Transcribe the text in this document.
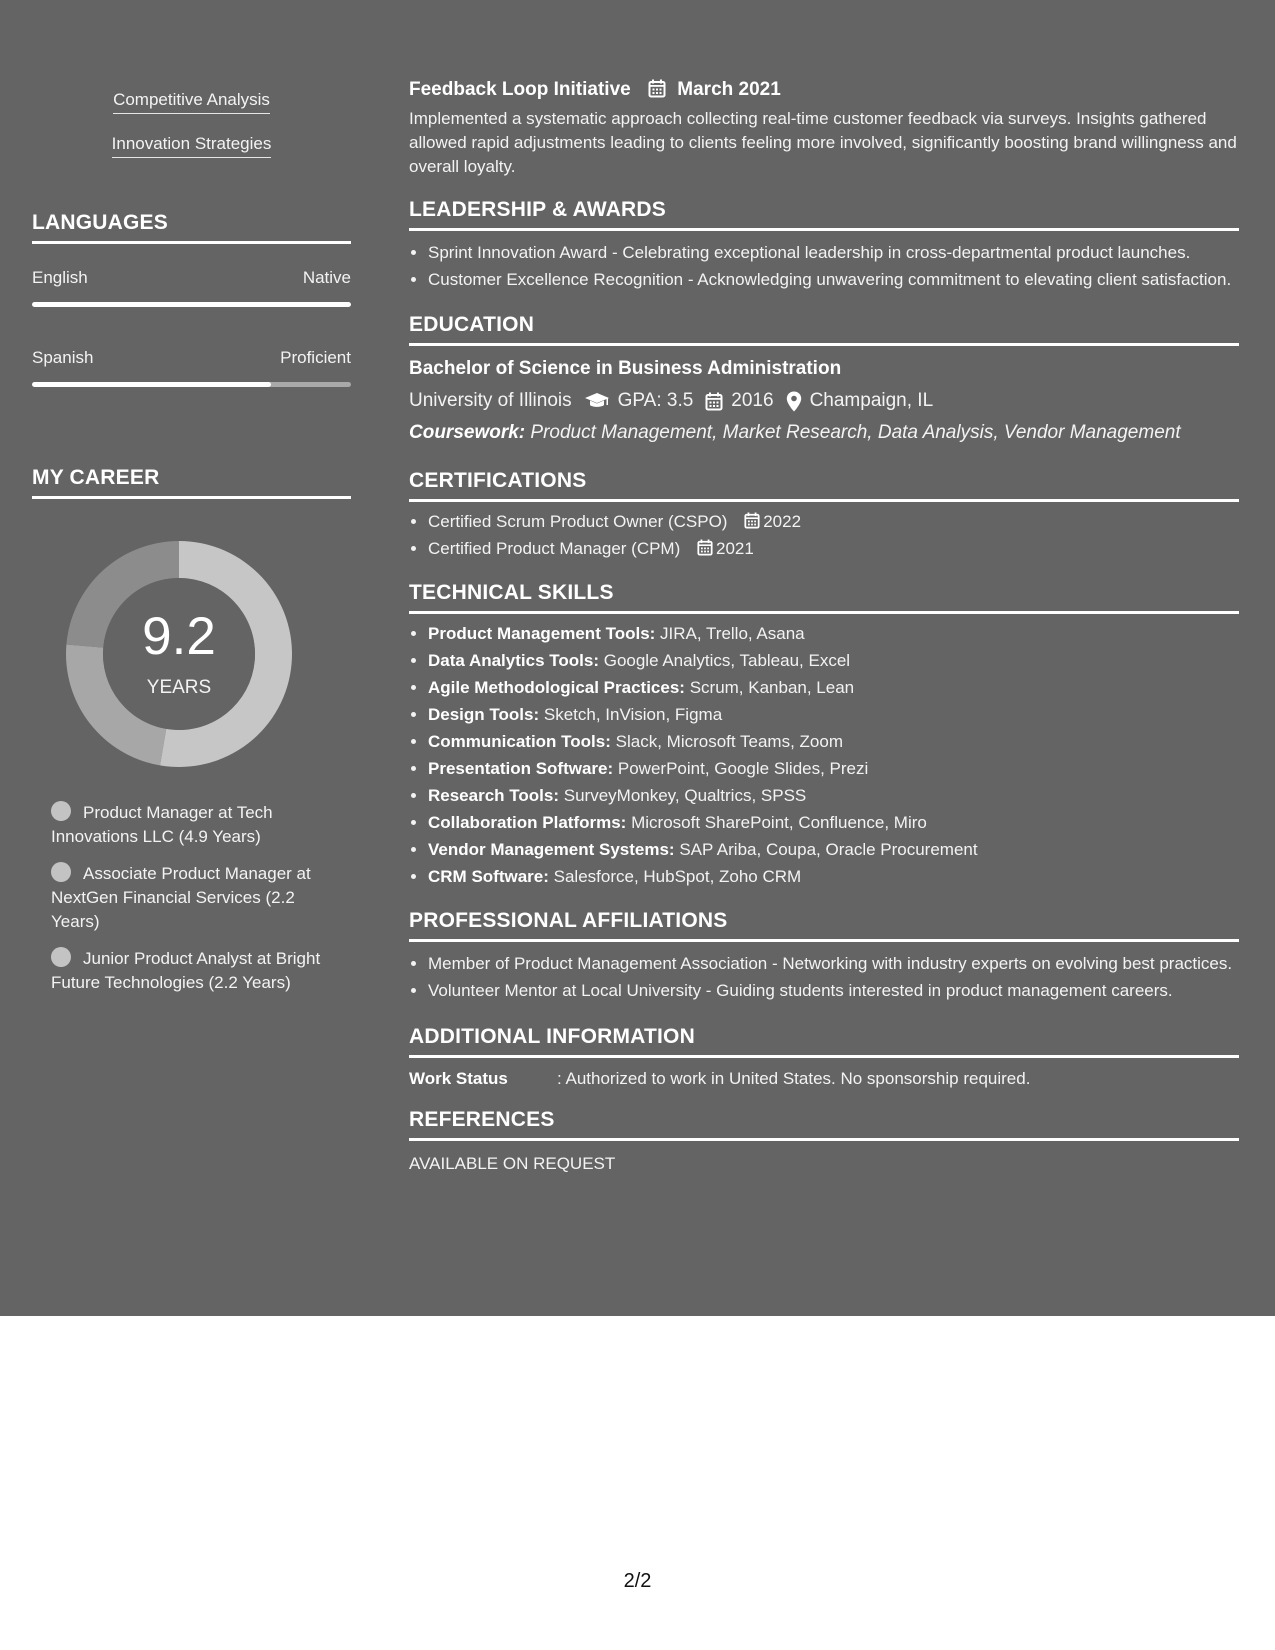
Competitive Analysis
Innovation Strategies
LANGUAGES
English	Native
Spanish	Proficient
MY CAREER
9.2
YEARS
Product Manager at Tech Innovations LLC (4.9 Years)
Associate Product Manager at NextGen Financial Services (2.2 Years)
Junior Product Analyst at Bright Future Technologies (2.2 Years)
Feedback Loop Initiative March 2021
Implemented a systematic approach collecting real-time customer feedback via surveys. Insights gathered allowed rapid adjustments leading to clients feeling more involved, significantly boosting brand willingness and overall loyalty.
LEADERSHIP & AWARDS
• Sprint Innovation Award - Celebrating exceptional leadership in cross-departmental product launches.
• Customer Excellence Recognition - Acknowledging unwavering commitment to elevating client satisfaction.
EDUCATION
Bachelor of Science in Business Administration
University of Illinois GPA: 3.5 2016 Champaign, IL
Coursework: Product Management, Market Research, Data Analysis, Vendor Management
CERTIFICATIONS
• Certified Scrum Product Owner (CSPO) 2022
• Certified Product Manager (CPM) 2021
TECHNICAL SKILLS
• Product Management Tools: JIRA, Trello, Asana
• Data Analytics Tools: Google Analytics, Tableau, Excel
• Agile Methodological Practices: Scrum, Kanban, Lean
• Design Tools: Sketch, InVision, Figma
• Communication Tools: Slack, Microsoft Teams, Zoom
• Presentation Software: PowerPoint, Google Slides, Prezi
• Research Tools: SurveyMonkey, Qualtrics, SPSS
• Collaboration Platforms: Microsoft SharePoint, Confluence, Miro
• Vendor Management Systems: SAP Ariba, Coupa, Oracle Procurement
• CRM Software: Salesforce, HubSpot, Zoho CRM
PROFESSIONAL AFFILIATIONS
• Member of Product Management Association - Networking with industry experts on evolving best practices.
• Volunteer Mentor at Local University - Guiding students interested in product management careers.
ADDITIONAL INFORMATION
Work Status	: Authorized to work in United States. No sponsorship required.
REFERENCES
AVAILABLE ON REQUEST
2/2
